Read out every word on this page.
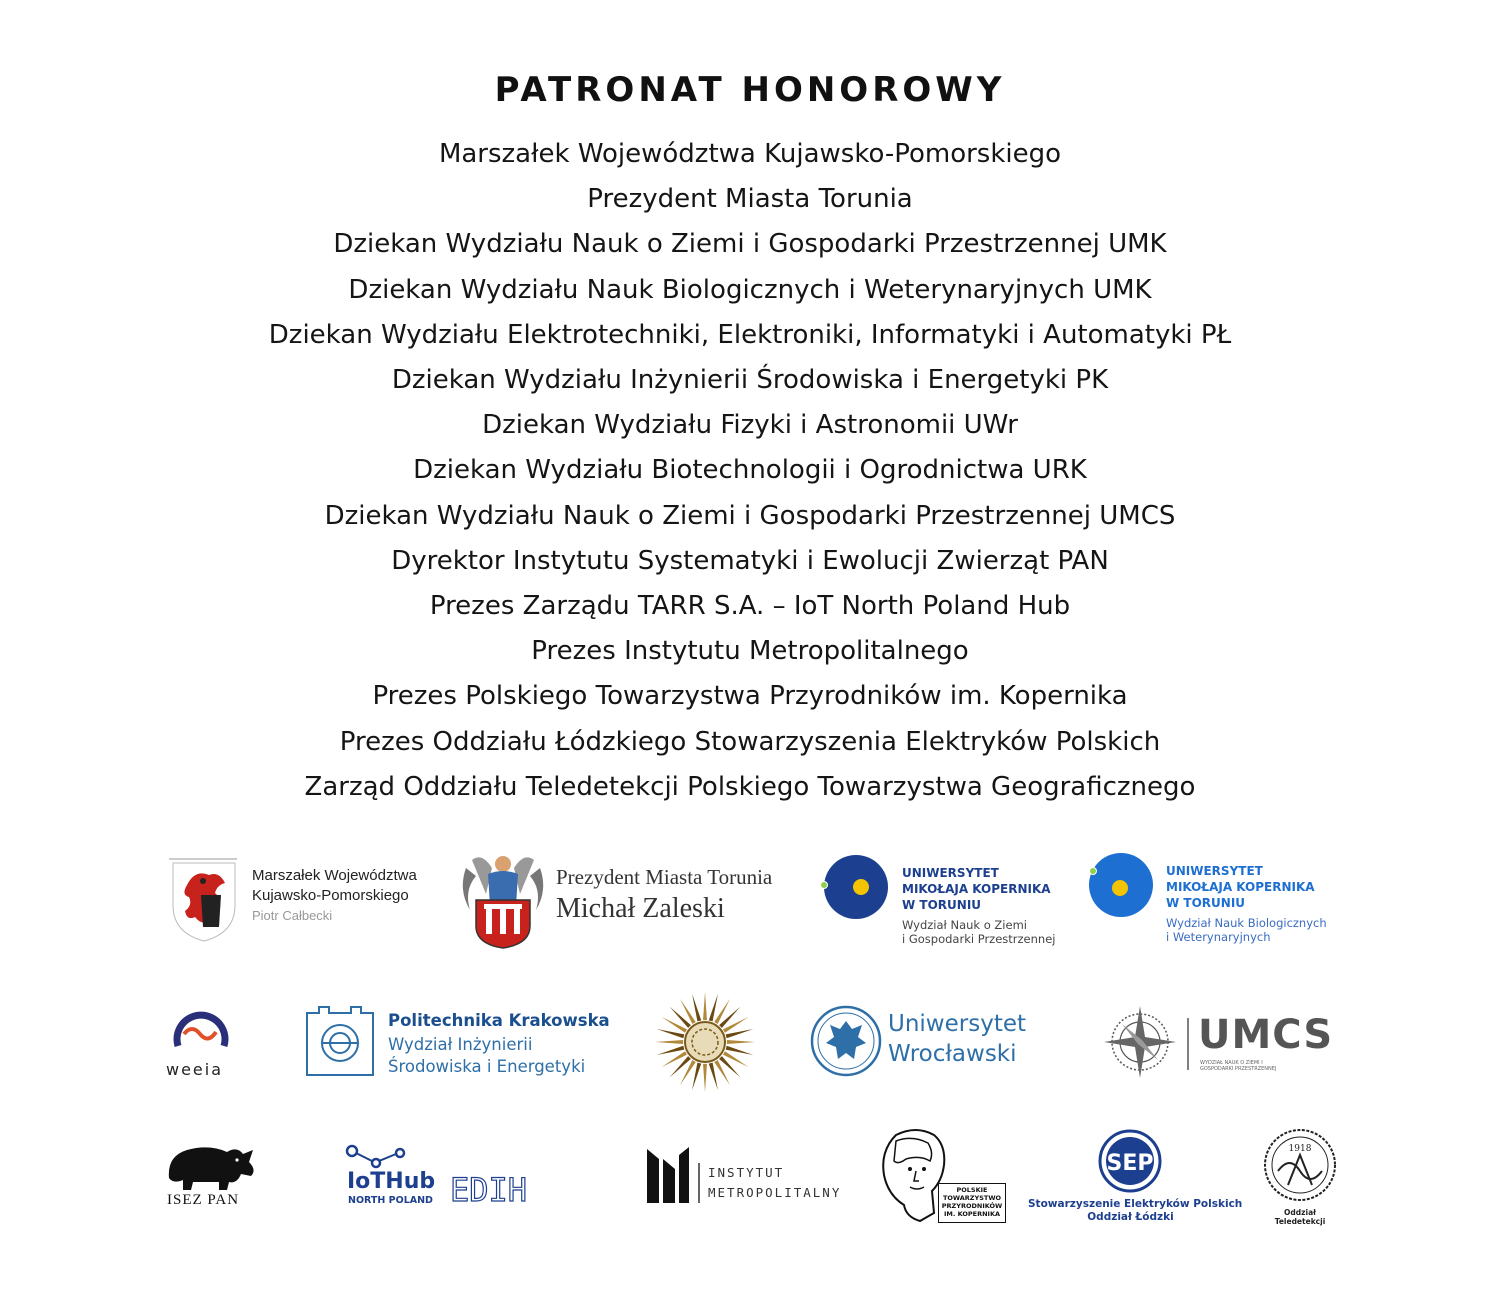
PATRONAT HONOROWY
Marszałek Województwa Kujawsko-Pomorskiego
Prezydent Miasta Torunia
Dziekan Wydziału Nauk o Ziemi i Gospodarki Przestrzennej UMK
Dziekan Wydziału Nauk Biologicznych i Weterynaryjnych UMK
Dziekan Wydziału Elektrotechniki, Elektroniki, Informatyki i Automatyki PŁ
Dziekan Wydziału Inżynierii Środowiska i Energetyki PK
Dziekan Wydziału Fizyki i Astronomii UWr
Dziekan Wydziału Biotechnologii i Ogrodnictwa URK
Dziekan Wydziału Nauk o Ziemi i Gospodarki Przestrzennej UMCS
Dyrektor Instytutu Systematyki i Ewolucji Zwierząt PAN
Prezes Zarządu TARR S.A. – IoT North Poland Hub
Prezes Instytutu Metropolitalnego
Prezes Polskiego Towarzystwa Przyrodników im. Kopernika
Prezes Oddziału Łódzkiego Stowarzyszenia Elektryków Polskich
Zarząd Oddziału Teledetekcji Polskiego Towarzystwa Geograficznego
Marszałek Województwa
Kujawsko-Pomorskiego
Piotr Całbecki
Prezydent Miasta Torunia
Michał Zaleski
UNIWERSYTET
MIKOŁAJA KOPERNIKA
W TORUNIU
Wydział Nauk o Ziemi
i Gospodarki Przestrzennej
UNIWERSYTET
MIKOŁAJA KOPERNIKA
W TORUNIU
Wydział Nauk Biologicznych
i Weterynaryjnych
weeia
Politechnika Krakowska
Wydział Inżynierii Środowiska i Energetyki
Uniwersytet Wrocławski	UMCS
WYDZIAŁ NAUK O ZIEMI I GOSPODARKI PRZESTRZENNEJ
ISEZ PAN
IoTHub
NORTH POLAND EDIH	INSTYTUT
METROPOLITALNY	POLSKIE TOWARZYSTWO PRZYRODNIKÓW IM. KOPERNIKA
SEP
Stowarzyszenie Elektryków Polskich
Oddział Łódzki
1918
Oddział Teledetekcji
